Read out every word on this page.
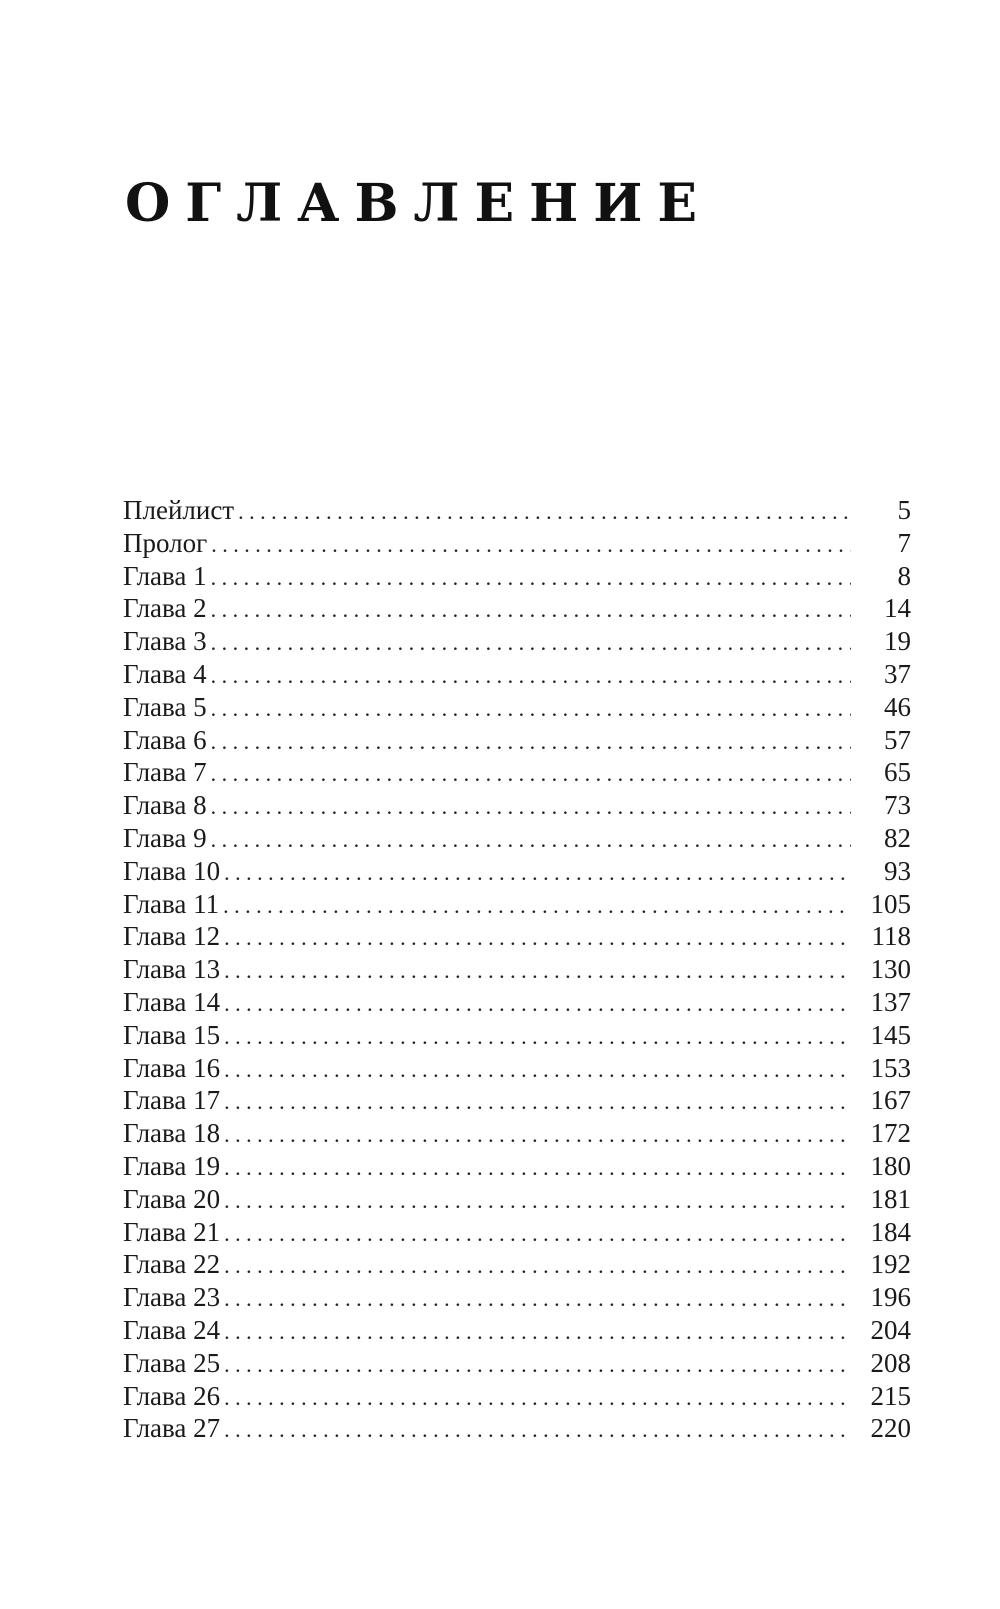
ОГЛАВЛЕНИЕ
Плейлист . . .	5
Пролог . . .	7
Глава 1 . . .	8
Глава 2 . . .	14
Глава 3 . . .	19
Глава 4 . . .	37
Глава 5 . . .	46
Глава 6 . . .	57
Глава 7 . . .	65
Глава 8 . . .	73
Глава 9 . . .	82
Глава 10 . . .	93
Глава 11 . . .	105
Глава 12 . . .	118
Глава 13 . . .	130
Глава 14 . . .	137
Глава 15 . . .	145
Глава 16 . . .	153
Глава 17 . . .	167
Глава 18 . . .	172
Глава 19 . . .	180
Глава 20 . . .	181
Глава 21 . . .	184
Глава 22 . . .	192
Глава 23 . . .	196
Глава 24 . . .	204
Глава 25 . . .	208
Глава 26 . . .	215
Глава 27 . . .	220
